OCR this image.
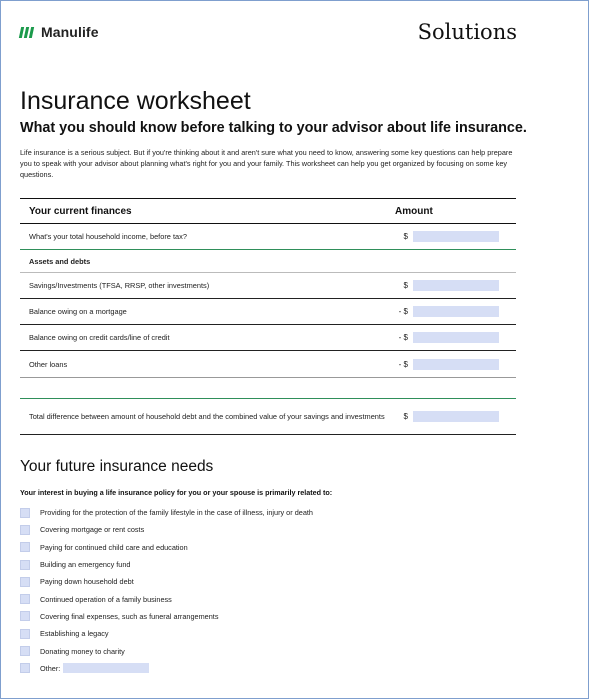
Manulife	Solutions
Insurance worksheet
What you should know before talking to your advisor about life insurance.
Life insurance is a serious subject. But if you're thinking about it and aren't sure what you need to know, answering some key questions can help prepare you to speak with your advisor about planning what's right for you and your family. This worksheet can help you get organized by focusing on some key questions.
Your current finances	Amount
What's your total household income, before tax?	$
Assets and debts
Savings/Investments (TFSA, RRSP, other investments)	$
Balance owing on a mortgage	- $
Balance owing on credit cards/line of credit	- $
Other loans	- $
Total difference between amount of household debt and the combined value of your savings and investments	$
Your future insurance needs
Your interest in buying a life insurance policy for you or your spouse is primarily related to:
Providing for the protection of the family lifestyle in the case of illness, injury or death
Covering mortgage or rent costs
Paying for continued child care and education
Building an emergency fund
Paying down household debt
Continued operation of a family business
Covering final expenses, such as funeral arrangements
Establishing a legacy
Donating money to charity
Other:
